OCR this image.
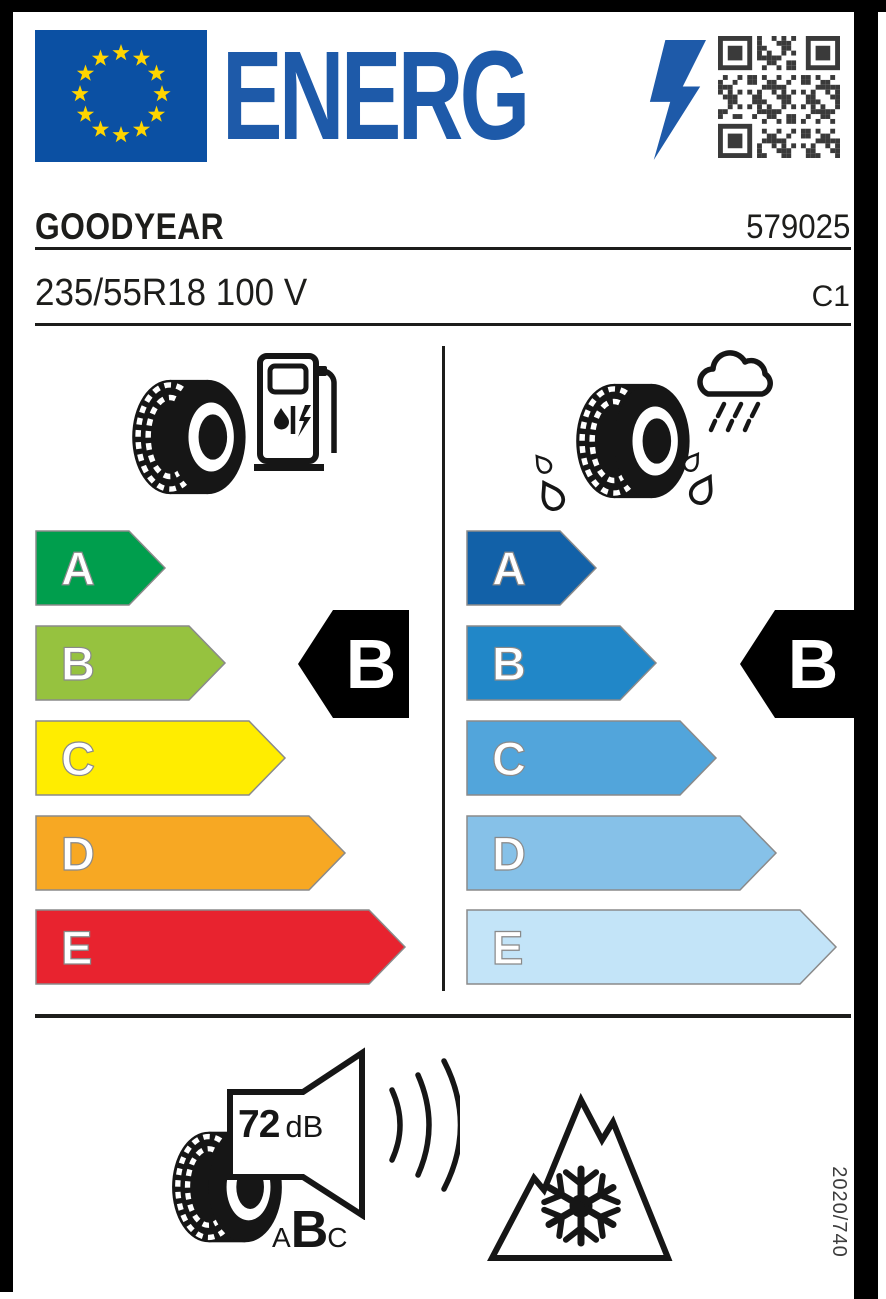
ENERG
GOODYEAR	579025
235/55R18 100 V	C1
A
B
C
D
E
B
A
B
C
D
E
B
72 dB
ABC	2020/740
